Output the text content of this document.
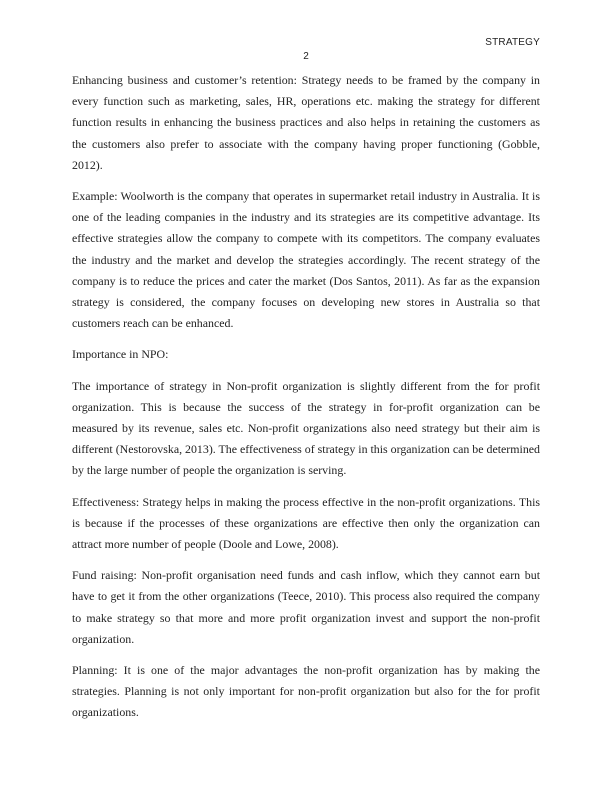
STRATEGY
2

Enhancing business and customer’s retention: Strategy needs to be framed by the company in every function such as marketing, sales, HR, operations etc. making the strategy for different function results in enhancing the business practices and also helps in retaining the customers as the customers also prefer to associate with the company having proper functioning (Gobble, 2012).

Example: Woolworth is the company that operates in supermarket retail industry in Australia. It is one of the leading companies in the industry and its strategies are its competitive advantage. Its effective strategies allow the company to compete with its competitors. The company evaluates the industry and the market and develop the strategies accordingly. The recent strategy of the company is to reduce the prices and cater the market (Dos Santos, 2011). As far as the expansion strategy is considered, the company focuses on developing new stores in Australia so that customers reach can be enhanced.

Importance in NPO:

The importance of strategy in Non-profit organization is slightly different from the for profit organization. This is because the success of the strategy in for-profit organization can be measured by its revenue, sales etc. Non-profit organizations also need strategy but their aim is different (Nestorovska, 2013). The effectiveness of strategy in this organization can be determined by the large number of people the organization is serving.

Effectiveness: Strategy helps in making the process effective in the non-profit organizations. This is because if the processes of these organizations are effective then only the organization can attract more number of people (Doole and Lowe, 2008).

Fund raising: Non-profit organisation need funds and cash inflow, which they cannot earn but have to get it from the other organizations (Teece, 2010). This process also required the company to make strategy so that more and more profit organization invest and support the non-profit organization.

Planning: It is one of the major advantages the non-profit organization has by making the strategies. Planning is not only important for non-profit organization but also for the for profit organizations.
